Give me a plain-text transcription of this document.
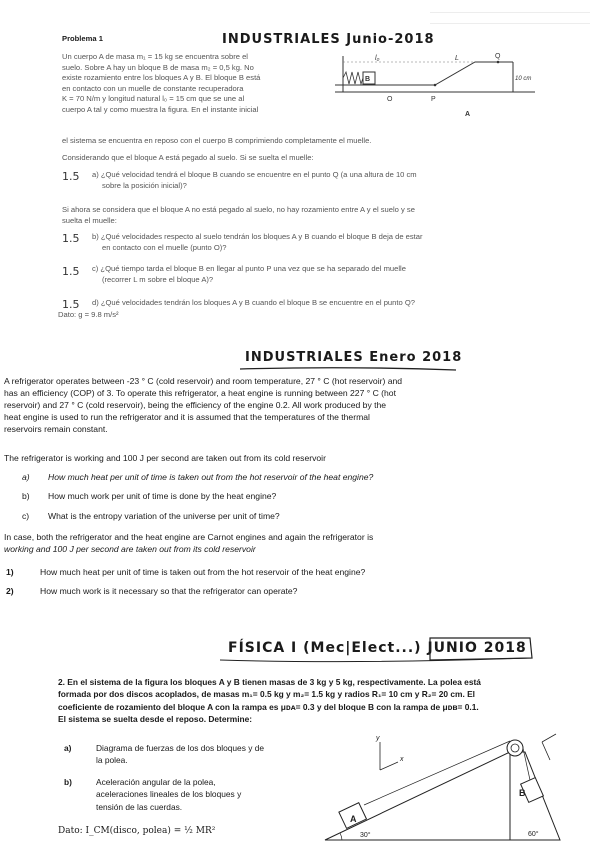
Problema 1	INDUSTRIALES Junio-2018
Un cuerpo A de masa m₁ = 15 kg se encuentra sobre el
suelo. Sobre A hay un bloque B de masa m₂ = 0,5 kg. No
existe rozamiento entre los bloques A y B. El bloque B está
en contacto con un muelle de constante recuperadora
K = 70 N/m y longitud natural l₀ = 15 cm que se une al
cuerpo A tal y como muestra la figura. En el instante inicial
el sistema se encuentra en reposo con el cuerpo B comprimiendo completamente el muelle.
l₀	L
B
Q
O	P
A
10 cm
Considerando que el bloque A está pegado al suelo. Si se suelta el muelle:
1.5 a) ¿Qué velocidad tendrá el bloque B cuando se encuentre en el punto Q (a una altura de 10 cm
sobre la posición inicial)?
Si ahora se considera que el bloque A no está pegado al suelo, no hay rozamiento entre A y el suelo y se
suelta el muelle:
1.5 b) ¿Qué velocidades respecto al suelo tendrán los bloques A y B cuando el bloque B deja de estar
en contacto con el muelle (punto O)?
1.5 c) ¿Qué tiempo tarda el bloque B en llegar al punto P una vez que se ha separado del muelle
(recorrer L m sobre el bloque A)?
1.5 d) ¿Qué velocidades tendrán los bloques A y B cuando el bloque B se encuentre en el punto Q?
Dato: g = 9.8 m/s²
INDUSTRIALES Enero 2018
A refrigerator operates between -23 ° C (cold reservoir) and room temperature, 27 ° C (hot reservoir) and
has an efficiency (COP) of 3. To operate this refrigerator, a heat engine is running between 227 ° C (hot
reservoir) and 27 ° C (cold reservoir), being the efficiency of the engine 0.2. All work produced by the
heat engine is used to run the refrigerator and it is assumed that the temperatures of the thermal
reservoirs remain constant.
The refrigerator is working and 100 J per second are taken out from its cold reservoir
a) How much heat per unit of time is taken out from the hot reservoir of the heat engine?
b) How much work per unit of time is done by the heat engine?
c) What is the entropy variation of the universe per unit of time?
In case, both the refrigerator and the heat engine are Carnot engines and again the refrigerator is
working and 100 J per second are taken out from its cold reservoir
1)	How much heat per unit of time is taken out from the hot reservoir of the heat engine?
2)	How much work is it necessary so that the refrigerator can operate?
FÍSICA I (Mec|Elect...) JUNIO 2018
2. En el sistema de la figura los bloques A y B tienen masas de 3 kg y 5 kg, respectivamente. La polea está
formada por dos discos acoplados, de masas m₁= 0.5 kg y m₂= 1.5 kg y radios R₁= 10 cm y R₂= 20 cm. El
coeficiente de rozamiento del bloque A con la rampa es μᴅᴀ= 0.3 y del bloque B con la rampa de μᴅʙ= 0.1.
El sistema se suelta desde el reposo. Determine:
a)	Diagrama de fuerzas de los dos bloques y de
la polea.
b)	Aceleración angular de la polea,
aceleraciones lineales de los bloques y
tensión de las cuerdas.
Dato: I_CM(disco, polea) = ½ MR²	30°	60°
A
B
y
x
